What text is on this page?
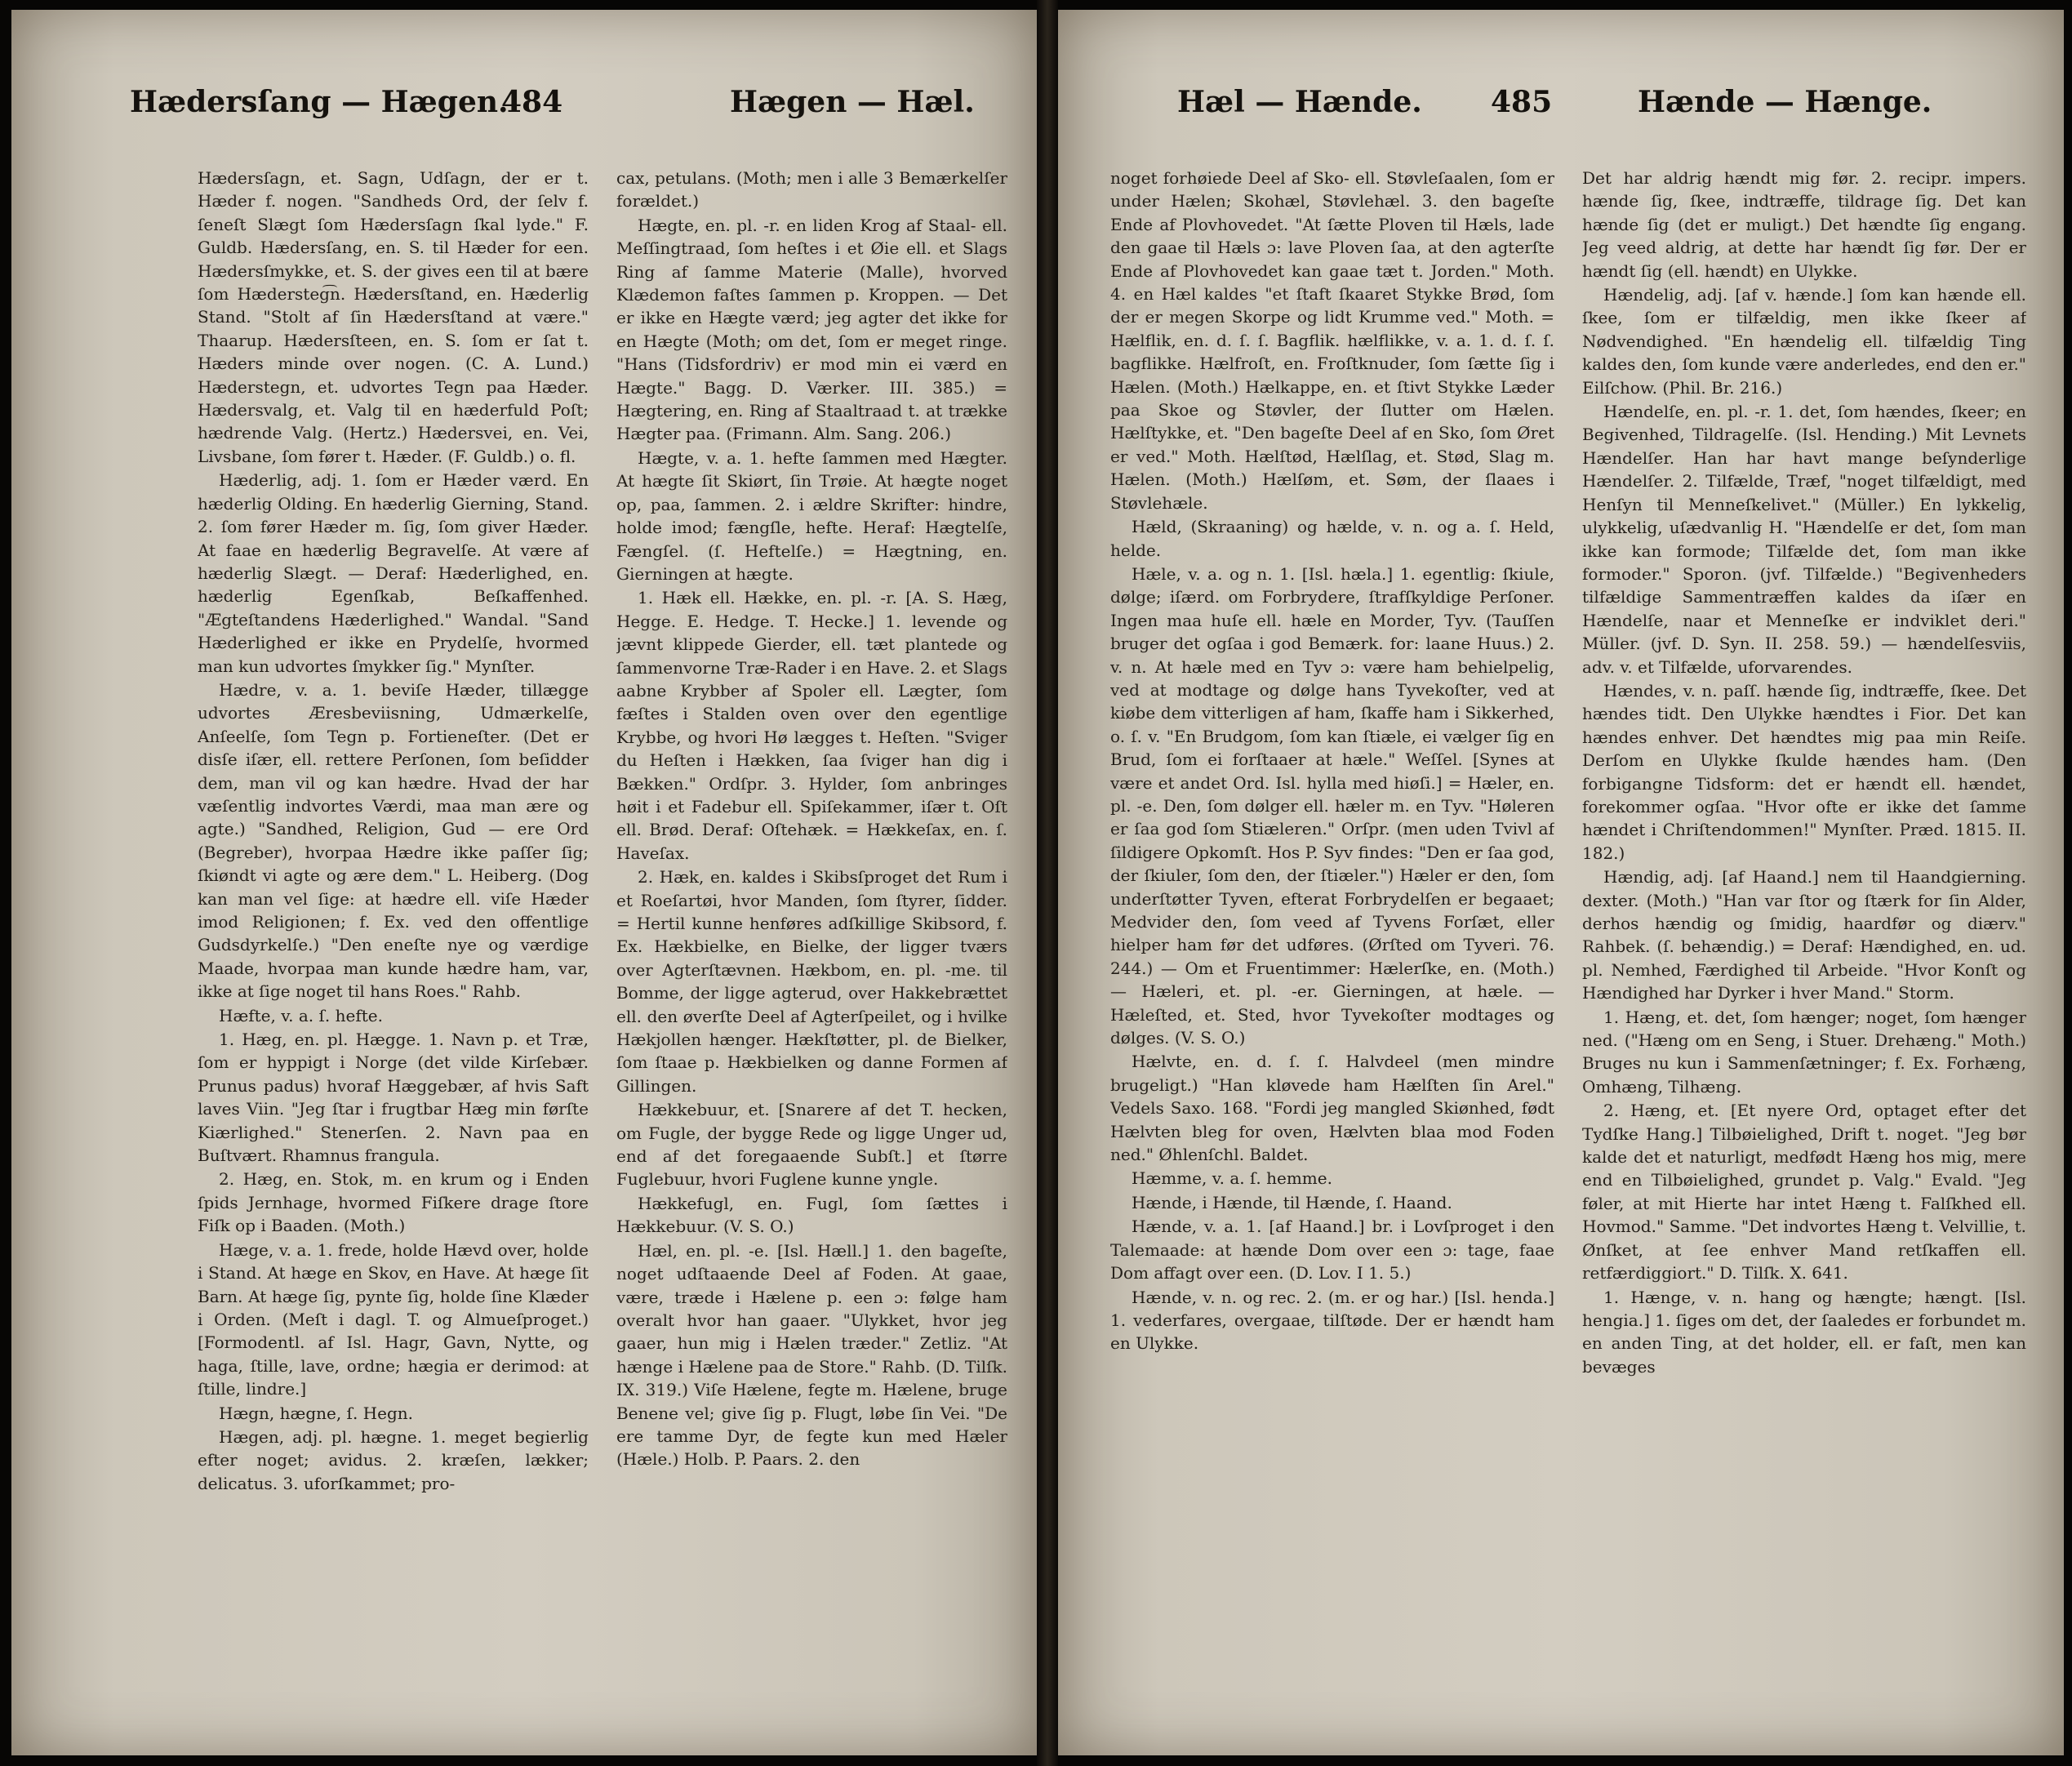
Hædersſang — Hægen.
484	Hægen — Hæl.

Hædersſagn, et. Sagn, Udſagn, der er t. Hæder f. nogen. "Sandheds Ord, der ſelv f. ſeneſt Slægt ſom Hædersſagn ſkal lyde." F. Guldb. Hædersſang, en. S. til Hæder for een. Hædersſmykke, et. S. der gives een til at bære ſom Hædersteg͡n. Hædersſtand, en. Hæderlig Stand. "Stolt af ſin Hædersſtand at være." Thaarup. Hædersſteen, en. S. ſom er ſat t. Hæders minde over nogen. (C. A. Lund.) Hæderstegn, et. udvortes Tegn paa Hæder. Hædersvalg, et. Valg til en hæderfuld Poſt; hædrende Valg. (Hertz.) Hædersvei, en. Vei, Livsbane, ſom fører t. Hæder. (F. Guldb.) o. fl.

Hæderlig, adj. 1. ſom er Hæder værd. En hæderlig Olding. En hæderlig Gierning, Stand. 2. ſom fører Hæder m. ſig, ſom giver Hæder. At faae en hæderlig Begravelſe. At være af hæderlig Slægt. — Deraf: Hæderlighed, en. hæderlig Egenſkab, Beſkaffenhed. "Ægteſtandens Hæderlighed." Wandal. "Sand Hæderlighed er ikke en Prydelſe, hvormed man kun udvortes ſmykker ſig." Mynſter.

Hædre, v. a. 1. beviſe Hæder, tillægge udvortes Æresbeviisning, Udmærkelſe, Anſeelſe, ſom Tegn p. Fortieneſter. (Det er disſe iſær, ell. rettere Perſonen, ſom beſidder dem, man vil og kan hædre. Hvad der har væſentlig indvortes Værdi, maa man ære og agte.) "Sandhed, Religion, Gud — ere Ord (Begreber), hvorpaa Hædre ikke paſſer ſig; ſkiøndt vi agte og ære dem." L. Heiberg. (Dog kan man vel ſige: at hædre ell. viſe Hæder imod Religionen; f. Ex. ved den offentlige Gudsdyrkelſe.) "Den eneſte nye og værdige Maade, hvorpaa man kunde hædre ham, var, ikke at ſige noget til hans Roes." Rahb.

Hæfte, v. a. ſ. hefte.

1. Hæg, en. pl. Hægge. 1. Navn p. et Træ, ſom er hyppigt i Norge (det vilde Kirſebær. Prunus padus) hvoraf Hæggebær, af hvis Saft laves Viin. "Jeg ſtar i frugtbar Hæg min førſte Kiærlighed." Stenerſen. 2. Navn paa en Buſtvært. Rhamnus frangula.

2. Hæg, en. Stok, m. en krum og i Enden ſpids Jernhage, hvormed Fiſkere drage ſtore Fiſk op i Baaden. (Moth.)

Hæge, v. a. 1. frede, holde Hævd over, holde i Stand. At hæge en Skov, en Have. At hæge ſit Barn. At hæge ſig, pynte ſig, holde ſine Klæder i Orden. (Meſt i dagl. T. og Almueſproget.) [Formodentl. af Isl. Hagr, Gavn, Nytte, og haga, ſtille, lave, ordne; hægia er derimod: at ſtille, lindre.]

Hægn, hægne, ſ. Hegn.

Hægen, adj. pl. hægne. 1. meget begierlig efter noget; avidus. 2. kræſen, lækker; delicatus. 3. uforſkammet; pro-

cax, petulans. (Moth; men i alle 3 Bemærkelſer forældet.)

Hægte, en. pl. -r. en liden Krog af Staal- ell. Meſſingtraad, ſom heſtes i et Øie ell. et Slags Ring af ſamme Materie (Malle), hvorved Klædemon faſtes ſammen p. Kroppen. — Det er ikke en Hægte værd; jeg agter det ikke for en Hægte (Moth; om det, ſom er meget ringe. "Hans (Tidsfordriv) er mod min ei værd en Hægte." Bagg. D. Værker. III. 385.) = Hægtering, en. Ring af Staaltraad t. at trække Hægter paa. (Frimann. Alm. Sang. 206.)

Hægte, v. a. 1. hefte ſammen med Hægter. At hægte ſit Skiørt, ſin Trøie. At hægte noget op, paa, ſammen. 2. i ældre Skrifter: hindre, holde imod; fængſle, hefte. Heraf: Hægtelſe, Fængſel. (ſ. Heftelſe.) = Hægtning, en. Gierningen at hægte.

1. Hæk ell. Hække, en. pl. -r. [A. S. Hæg, Hegge. E. Hedge. T. Hecke.] 1. levende og jævnt klippede Gierder, ell. tæt plantede og ſammenvorne Træ-Rader i en Have. 2. et Slags aabne Krybber af Spoler ell. Lægter, ſom fæſtes i Stalden oven over den egentlige Krybbe, og hvori Hø lægges t. Heſten. "Sviger du Heſten i Hækken, ſaa ſviger han dig i Bækken." Ordſpr. 3. Hylder, ſom anbringes høit i et Fadebur ell. Spiſekammer, iſær t. Oſt ell. Brød. Deraf: Oſtehæk. = Hækkeſax, en. ſ. Haveſax.

2. Hæk, en. kaldes i Skibsſproget det Rum i et Roeſartøi, hvor Manden, ſom ſtyrer, ſidder. = Hertil kunne henføres adſkillige Skibsord, f. Ex. Hækbielke, en Bielke, der ligger tværs over Agterſtævnen. Hækbom, en. pl. -me. til Bomme, der ligge agterud, over Hakkebrættet ell. den øverſte Deel af Agterſpeilet, og i hvilke Hækjollen hænger. Hækſtøtter, pl. de Bielker, ſom ſtaae p. Hækbielken og danne Formen af Gillingen.

Hækkebuur, et. [Snarere af det T. hecken, om Fugle, der bygge Rede og ligge Unger ud, end af det foregaaende Subſt.] et ſtørre Fuglebuur, hvori Fuglene kunne yngle.

Hækkefugl, en. Fugl, ſom ſættes i Hækkebuur. (V. S. O.)

Hæl, en. pl. -e. [Isl. Hæll.] 1. den bageſte, noget udſtaaende Deel af Foden. At gaae, være, træde i Hælene p. een ɔ: følge ham overalt hvor han gaaer. "Ulykket, hvor jeg gaaer, hun mig i Hælen træder." Zetliz. "At hænge i Hælene paa de Store." Rahb. (D. Tilſk. IX. 319.) Viſe Hælene, fegte m. Hælene, bruge Benene vel; give ſig p. Flugt, løbe ſin Vei. "De ere tamme Dyr, de fegte kun med Hæler (Hæle.) Holb. P. Paars. 2. den

Hæl — Hænde. 485	Hænde — Hænge.

noget forhøiede Deel af Sko- ell. Støvleſaalen, ſom er under Hælen; Skohæl, Støvlehæl. 3. den bageſte Ende af Plovhovedet. "At ſætte Ploven til Hæls, lade den gaae til Hæls ɔ: lave Ploven ſaa, at den agterſte Ende af Plovhovedet kan gaae tæt t. Jorden." Moth. 4. en Hæl kaldes "et ſtaft ſkaaret Stykke Brød, ſom der er megen Skorpe og lidt Krumme ved." Moth. = Hælflik, en. d. ſ. ſ. Bagflik. hælflikke, v. a. 1. d. ſ. ſ. bagflikke. Hælfroſt, en. Froſtknuder, ſom ſætte ſig i Hælen. (Moth.) Hælkappe, en. et ſtivt Stykke Læder paa Skoe og Støvler, der ſlutter om Hælen. Hælſtykke, et. "Den bageſte Deel af en Sko, ſom Øret er ved." Moth. Hælſtød, Hælſlag, et. Stød, Slag m. Hælen. (Moth.) Hælſøm, et. Søm, der ſlaaes i Støvlehæle.

Hæld, (Skraaning) og hælde, v. n. og a. ſ. Held, helde.

Hæle, v. a. og n. 1. [Isl. hæla.] 1. egentlig: ſkiule, dølge; iſærd. om Forbrydere, ſtrafſkyldige Perſoner. Ingen maa huſe ell. hæle en Morder, Tyv. (Tauſſen bruger det ogſaa i god Bemærk. for: laane Huus.) 2. v. n. At hæle med en Tyv ɔ: være ham behielpelig, ved at modtage og dølge hans Tyvekoſter, ved at kiøbe dem vitterligen af ham, ſkaffe ham i Sikkerhed, o. ſ. v. "En Brudgom, ſom kan ſtiæle, ei vælger ſig en Brud, ſom ei forſtaaer at hæle." Weſſel. [Synes at være et andet Ord. Isl. hylla med hiøſi.] = Hæler, en. pl. -e. Den, ſom dølger ell. hæler m. en Tyv. "Høleren er ſaa god ſom Stiæleren." Orſpr. (men uden Tvivl af ſildigere Opkomſt. Hos P. Syv findes: "Den er ſaa god, der ſkiuler, ſom den, der ſtiæler.") Hæler er den, ſom underſtøtter Tyven, efterat Forbrydelſen er begaaet; Medvider den, ſom veed af Tyvens Forſæt, eller hielper ham før det udføres. (Ørſted om Tyveri. 76. 244.) — Om et Fruentimmer: Hælerſke, en. (Moth.) — Hæleri, et. pl. -er. Gierningen, at hæle. — Hæleſted, et. Sted, hvor Tyvekoſter modtages og dølges. (V. S. O.)

Hælvte, en. d. ſ. ſ. Halvdeel (men mindre brugeligt.) "Han kløvede ham Hælſten ſin Arel." Vedels Saxo. 168. "Fordi jeg mangled Skiønhed, født Hælvten bleg for oven, Hælvten blaa mod Foden ned." Øhlenſchl. Baldet.

Hæmme, v. a. ſ. hemme.

Hænde, i Hænde, til Hænde, ſ. Haand.

Hænde, v. a. 1. [af Haand.] br. i Lovſproget i den Talemaade: at hænde Dom over een ɔ: tage, faae Dom affagt over een. (D. Lov. I 1. 5.)

Hænde, v. n. og rec. 2. (m. er og har.) [Isl. henda.] 1. vederfares, overgaae, tilſtøde. Der er hændt ham en Ulykke.

Det har aldrig hændt mig før. 2. recipr. impers. hænde ſig, ſkee, indtræffe, tildrage ſig. Det kan hænde ſig (det er muligt.) Det hændte ſig engang. Jeg veed aldrig, at dette har hændt ſig før. Der er hændt ſig (ell. hændt) en Ulykke.

Hændelig, adj. [af v. hænde.] ſom kan hænde ell. ſkee, ſom er tilfældig, men ikke ſkeer af Nødvendighed. "En hændelig ell. tilfældig Ting kaldes den, ſom kunde være anderledes, end den er." Eilſchow. (Phil. Br. 216.)

Hændelſe, en. pl. -r. 1. det, ſom hændes, ſkeer; en Begivenhed, Tildragelſe. (Isl. Hending.) Mit Levnets Hændelſer. Han har havt mange beſynderlige Hændelſer. 2. Tilfælde, Træf, "noget tilfældigt, med Henſyn til Menneſkelivet." (Müller.) En lykkelig, ulykkelig, uſædvanlig H. "Hændelſe er det, ſom man ikke kan formode; Tilfælde det, ſom man ikke formoder." Sporon. (jvf. Tilfælde.) "Begivenheders tilfældige Sammentræffen kaldes da iſær en Hændelſe, naar et Menneſke er indviklet deri." Müller. (jvf. D. Syn. II. 258. 59.) — hændelſesviis, adv. v. et Tilfælde, uforvarendes.

Hændes, v. n. paſſ. hænde ſig, indtræffe, ſkee. Det hændes tidt. Den Ulykke hændtes i Fior. Det kan hændes enhver. Det hændtes mig paa min Reiſe. Derſom en Ulykke ſkulde hændes ham. (Den forbigangne Tidsform: det er hændt ell. hændet, forekommer ogſaa. "Hvor ofte er ikke det ſamme hændet i Chriſtendommen!" Mynſter. Præd. 1815. II. 182.)

Hændig, adj. [af Haand.] nem til Haandgierning. dexter. (Moth.) "Han var ſtor og ſtærk for ſin Alder, derhos hændig og ſmidig, haardfør og diærv." Rahbek. (ſ. behændig.) = Deraf: Hændighed, en. ud. pl. Nemhed, Færdighed til Arbeide. "Hvor Konſt og Hændighed har Dyrker i hver Mand." Storm.

1. Hæng, et. det, ſom hænger; noget, ſom hænger ned. ("Hæng om en Seng, i Stuer. Drehæng." Moth.) Bruges nu kun i Sammenſætninger; f. Ex. Forhæng, Omhæng, Tilhæng.

2. Hæng, et. [Et nyere Ord, optaget efter det Tydſke Hang.] Tilbøielighed, Drift t. noget. "Jeg bør kalde det et naturligt, medfødt Hæng hos mig, mere end en Tilbøielighed, grundet p. Valg." Evald. "Jeg føler, at mit Hierte har intet Hæng t. Falſkhed ell. Hovmod." Samme. "Det indvortes Hæng t. Velvillie, t. Ønſket, at ſee enhver Mand retſkaffen ell. retfærdiggiort." D. Tilſk. X. 641.

1. Hænge, v. n. hang og hængte; hængt. [Isl. hengia.] 1. ſiges om det, der ſaaledes er forbundet m. en anden Ting, at det holder, ell. er faſt, men kan bevæges
